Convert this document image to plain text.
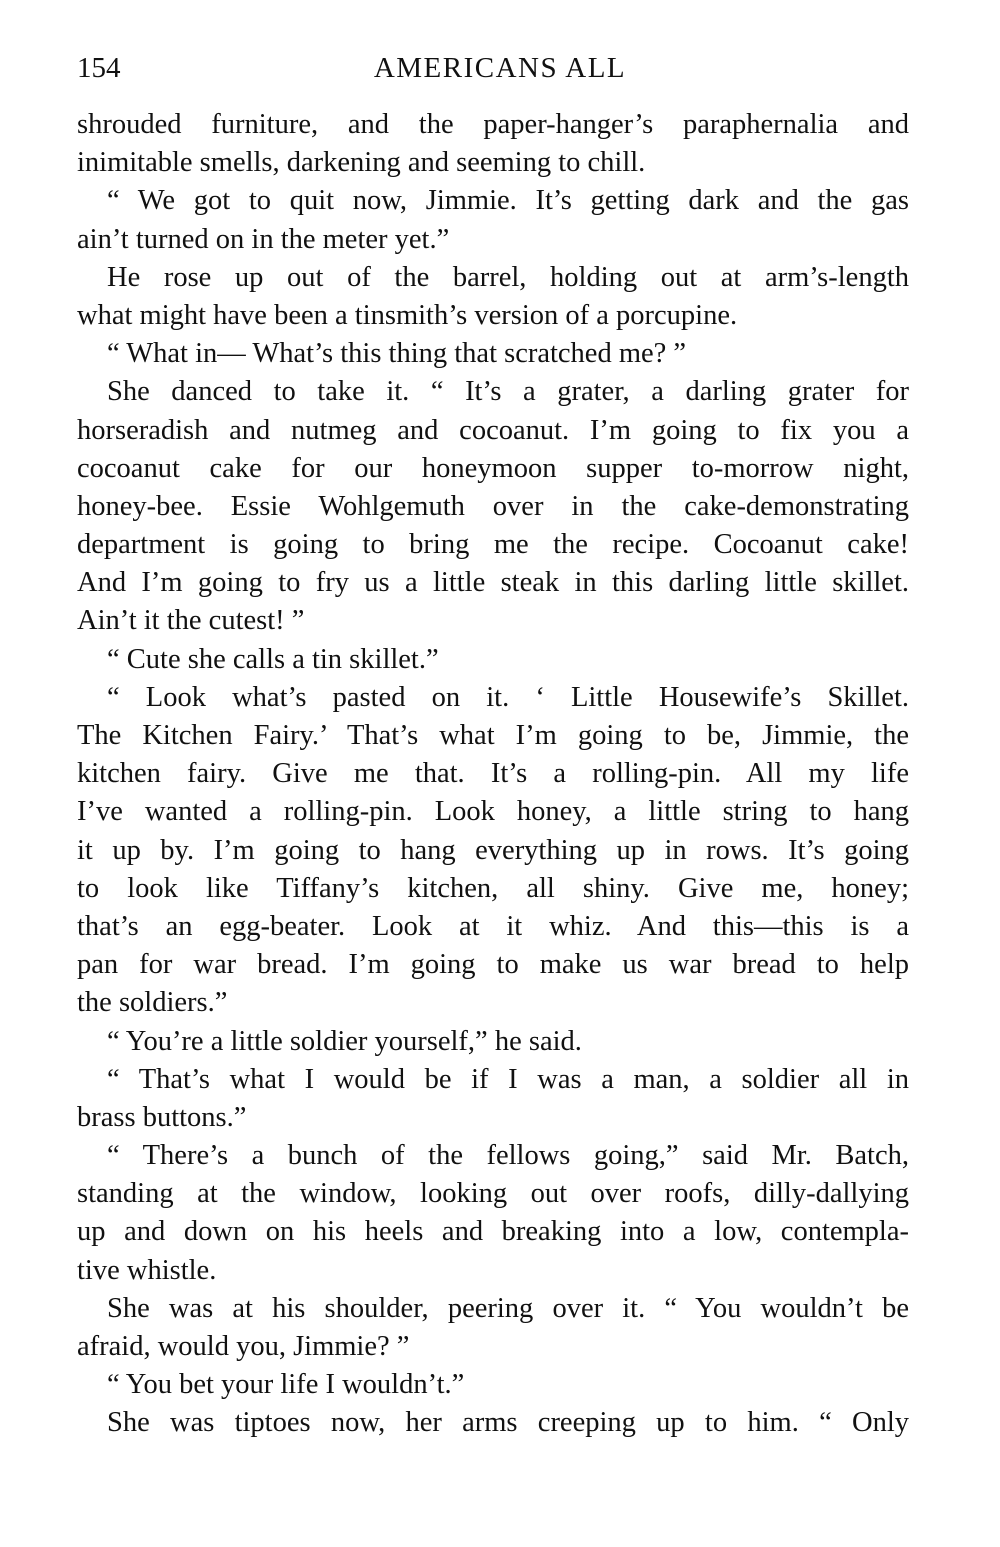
154	AMERICANS ALL
shrouded furniture, and the paper-hanger’s paraphernalia and
inimitable smells, darkening and seeming to chill.
“ We got to quit now, Jimmie. It’s getting dark and the gas
ain’t turned on in the meter yet.”
He rose up out of the barrel, holding out at arm’s-length
what might have been a tinsmith’s version of a porcupine.
“ What in— What’s this thing that scratched me? ”
She danced to take it. “ It’s a grater, a darling grater for
horseradish and nutmeg and cocoanut. I’m going to fix you a
cocoanut cake for our honeymoon supper to-morrow night,
honey-bee. Essie Wohlgemuth over in the cake-demonstrating
department is going to bring me the recipe. Cocoanut cake!
And I’m going to fry us a little steak in this darling little skillet.
Ain’t it the cutest! ”
“ Cute she calls a tin skillet.”
“ Look what’s pasted on it. ‘ Little Housewife’s Skillet.
The Kitchen Fairy.’ That’s what I’m going to be, Jimmie, the
kitchen fairy. Give me that. It’s a rolling-pin. All my life
I’ve wanted a rolling-pin. Look honey, a little string to hang
it up by. I’m going to hang everything up in rows. It’s going
to look like Tiffany’s kitchen, all shiny. Give me, honey;
that’s an egg-beater. Look at it whiz. And this—this is a
pan for war bread. I’m going to make us war bread to help
the soldiers.”
“ You’re a little soldier yourself,” he said.
“ That’s what I would be if I was a man, a soldier all in
brass buttons.”
“ There’s a bunch of the fellows going,” said Mr. Batch,
standing at the window, looking out over roofs, dilly-dallying
up and down on his heels and breaking into a low, contempla-
tive whistle.
She was at his shoulder, peering over it. “ You wouldn’t be
afraid, would you, Jimmie? ”
“ You bet your life I wouldn’t.”
She was tiptoes now, her arms creeping up to him. “ Only
